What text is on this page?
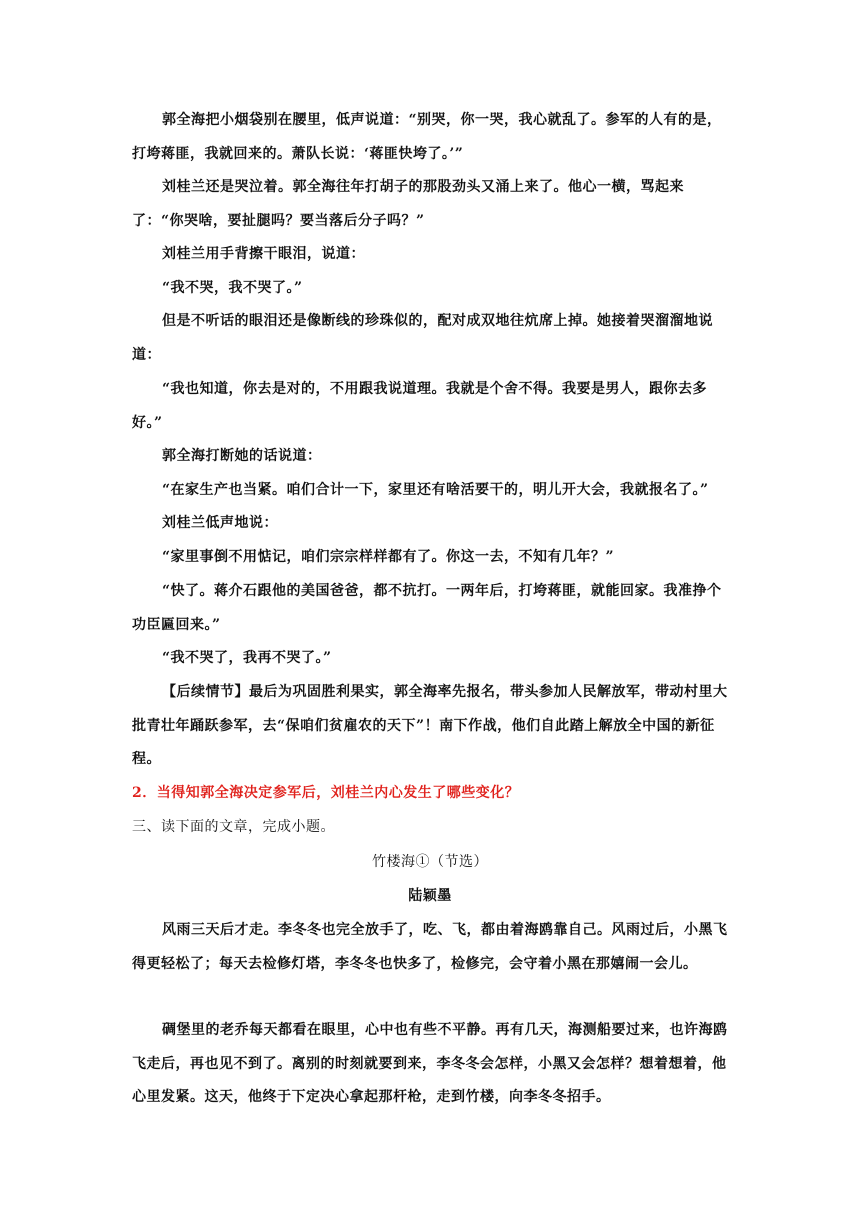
郭全海把小烟袋别在腰里，低声说道：“别哭，你一哭，我心就乱了。参军的人有的是，打垮蒋匪，我就回来的。萧队长说：‘蒋匪快垮了。’”

刘桂兰还是哭泣着。郭全海往年打胡子的那股劲头又涌上来了。他心一横，骂起来了：“你哭啥，要扯腿吗？要当落后分子吗？”

刘桂兰用手背擦干眼泪，说道：

“我不哭，我不哭了。”

但是不听话的眼泪还是像断线的珍珠似的，配对成双地往炕席上掉。她接着哭溜溜地说道：

“我也知道，你去是对的，不用跟我说道理。我就是个舍不得。我要是男人，跟你去多好。”

郭全海打断她的话说道：

“在家生产也当紧。咱们合计一下，家里还有啥活要干的，明儿开大会，我就报名了。”

刘桂兰低声地说：

“家里事倒不用惦记，咱们宗宗样样都有了。你这一去，不知有几年？”

“快了。蒋介石跟他的美国爸爸，都不抗打。一两年后，打垮蒋匪，就能回家。我准挣个功臣匾回来。”

“我不哭了，我再不哭了。”

【后续情节】最后为巩固胜利果实，郭全海率先报名，带头参加人民解放军，带动村里大批青壮年踊跃参军，去“保咱们贫雇农的天下”！南下作战，他们自此踏上解放全中国的新征程。

2．当得知郭全海决定参军后，刘桂兰内心发生了哪些变化？

三、读下面的文章，完成小题。

竹楼海①（节选）

陆颖墨

风雨三天后才走。李冬冬也完全放手了，吃、飞，都由着海鸥靠自己。风雨过后，小黑飞得更轻松了；每天去检修灯塔，李冬冬也快多了，检修完，会守着小黑在那嬉闹一会儿。

碉堡里的老乔每天都看在眼里，心中也有些不平静。再有几天，海测船要过来，也许海鸥飞走后，再也见不到了。离别的时刻就要到来，李冬冬会怎样，小黑又会怎样？想着想着，他心里发紧。这天，他终于下定决心拿起那杆枪，走到竹楼，向李冬冬招手。
